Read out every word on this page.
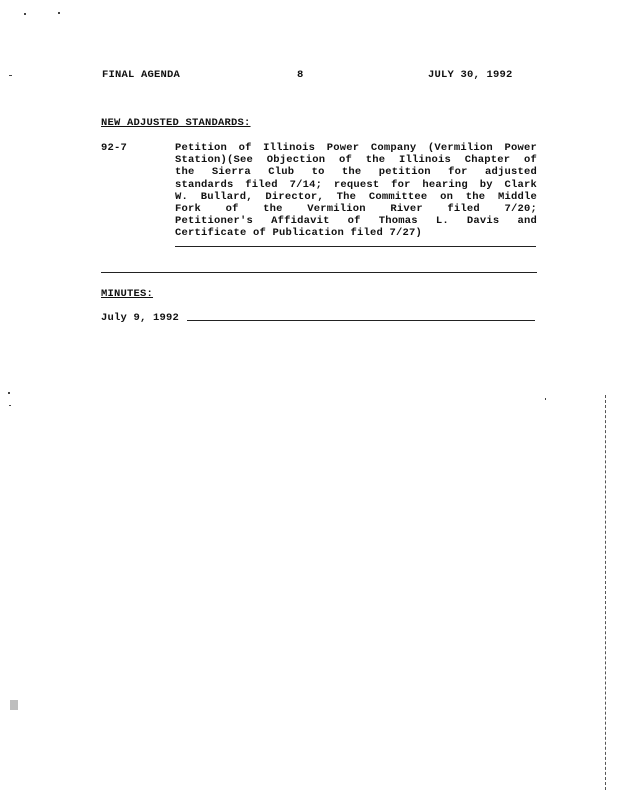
FINAL AGENDA	8	JULY 30, 1992
NEW ADJUSTED STANDARDS:
92-7	Petition of Illinois Power Company (Vermilion Power
Station)(See Objection of the Illinois Chapter of
the Sierra Club to the petition for adjusted
standards filed 7/14; request for hearing by Clark
W. Bullard, Director, The Committee on the Middle
Fork of the Vermilion River filed 7/20;
Petitioner's Affidavit of Thomas L. Davis and
Certificate of Publication filed 7/27)
MINUTES:
July 9, 1992
